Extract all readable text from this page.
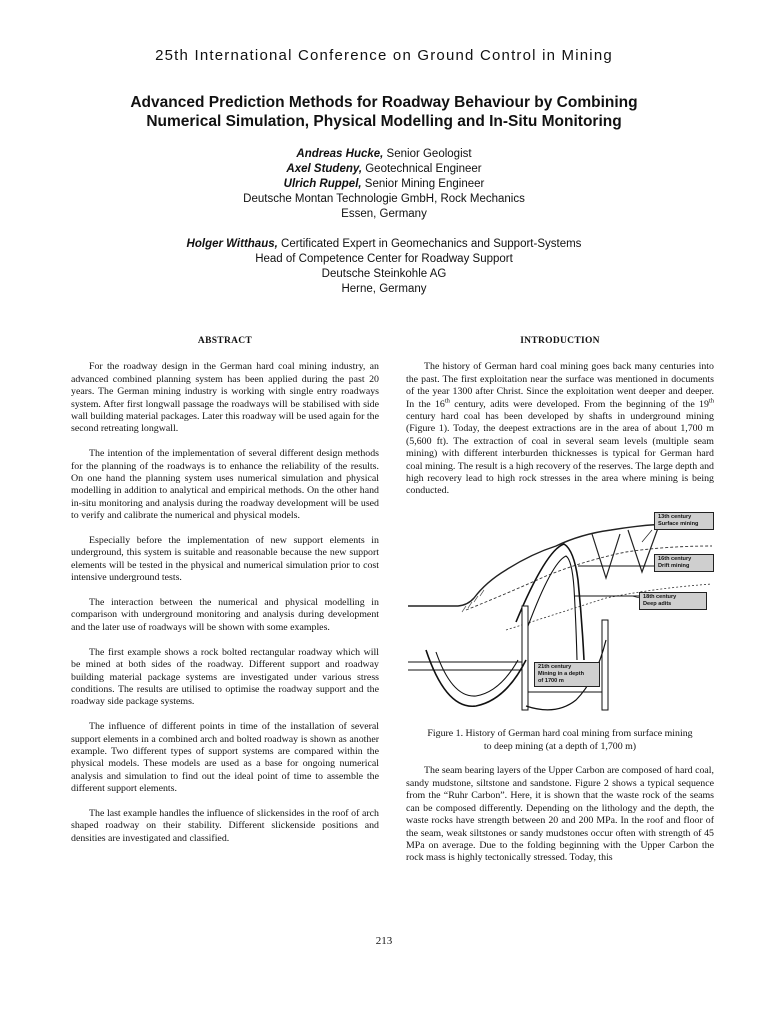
25th International Conference on Ground Control in Mining
Advanced Prediction Methods for Roadway Behaviour by Combining
Numerical Simulation, Physical Modelling and In-Situ Monitoring
Andreas Hucke, Senior Geologist
Axel Studeny, Geotechnical Engineer
Ulrich Ruppel, Senior Mining Engineer
Deutsche Montan Technologie GmbH, Rock Mechanics
Essen, Germany
Holger Witthaus, Certificated Expert in Geomechanics and Support-Systems
Head of Competence Center for Roadway Support
Deutsche Steinkohle AG
Herne, Germany
ABSTRACT

For the roadway design in the German hard coal mining industry, an advanced combined planning system has been applied during the past 20 years. The German mining industry is working with single entry roadways system. After first longwall passage the roadways will be stabilised with side wall building material packages. Later this roadway will be used again for the second retreating longwall.

The intention of the implementation of several different design methods for the planning of the roadways is to enhance the reliability of the results. On one hand the planning system uses numerical simulation and physical modelling in addition to analytical and empirical methods. On the other hand in-situ monitoring and analysis during the roadway development will be used to verify and calibrate the numerical and physical models.

Especially before the implementation of new support elements in underground, this system is suitable and reasonable because the new support elements will be tested in the physical and numerical simulation prior to cost intensive underground tests.

The interaction between the numerical and physical modelling in comparison with underground monitoring and analysis during development and the later use of roadways will be shown with some examples.

The first example shows a rock bolted rectangular roadway which will be mined at both sides of the roadway. Different support and roadway building material package systems are investigated under various stress conditions. The results are utilised to optimise the roadway support and the roadway side package systems.

The influence of different points in time of the installation of several support elements in a combined arch and bolted roadway is shown as another example. Two different types of support systems are compared within the physical models. These models are used as a base for ongoing numerical analysis and simulation to find out the ideal point of time to assemble the different support elements.

The last example handles the influence of slickensides in the roof of arch shaped roadway on their stability. Different slickenside positions and densities are investigated and classified.

INTRODUCTION

The history of German hard coal mining goes back many centuries into the past. The first exploitation near the surface was mentioned in documents of the year 1300 after Christ. Since the exploitation went deeper and deeper. In the 16th century, adits were developed. From the beginning of the 19th century hard coal has been developed by shafts in underground mining (Figure 1). Today, the deepest extractions are in the area of about 1,700 m (5,600 ft). The extraction of coal in several seam levels (multiple seam mining) with different interburden thicknesses is typical for German hard coal mining. The result is a high recovery of the reserves. The large depth and high recovery lead to high rock stresses in the area where mining is being conducted.

13th century
Surface mining
16th century
Drift mining
18th century
Deep adits
21th century
Mining in a depth
of 1700 m
Figure 1. History of German hard coal mining from surface mining
to deep mining (at a depth of 1,700 m)

The seam bearing layers of the Upper Carbon are composed of hard coal, sandy mudstone, siltstone and sandstone. Figure 2 shows a typical sequence from the “Ruhr Carbon”. Here, it is shown that the waste rock of the seams can be composed differently. Depending on the lithology and the depth, the waste rocks have strength between 20 and 200 MPa. In the roof and floor of the seam, weak siltstones or sandy mudstones occur often with strength of 45 MPa on average. Due to the folding beginning with the Upper Carbon the rock mass is highly tectonically stressed. Today, this

213
